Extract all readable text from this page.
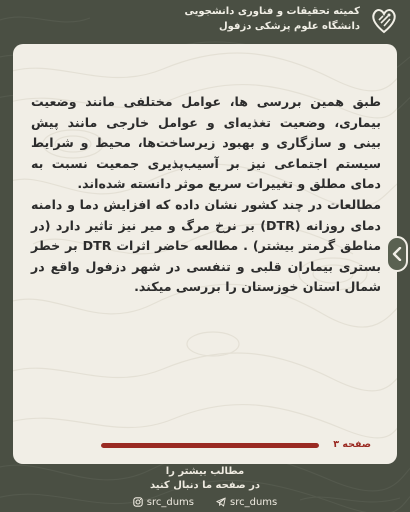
کمیته تحقیقات و فناوری دانشجویی
دانشگاه علوم پزشکی دزفول

طبق همین بررسی ها، عوامل مختلفی مانند وضعیت بیماری، وضعیت تغذیه‌ای و عوامل خارجی مانند پیش بینی و سازگاری و بهبود زیرساخت‌ها، محیط و شرایط سیستم اجتماعی نیز بر آسیب‌پذیری جمعیت نسبت به دمای مطلق و تغییرات سریع موثر دانسته شده‌اند.

مطالعات در چند کشور نشان داده که افزایش دما و دامنه دمای روزانه (DTR) بر نرخ مرگ و میر نیز تاثیر دارد (در مناطق گرمتر بیشتر) . مطالعه حاضر اثرات DTR بر خطر بستری بیماران قلبی و تنفسی در شهر دزفول واقع در شمال استان خوزستان را بررسی میکند.

صفحه ۳
مطالب بیشتر را
در صفحه ما دنبال کنید
src_dums	src_dums
